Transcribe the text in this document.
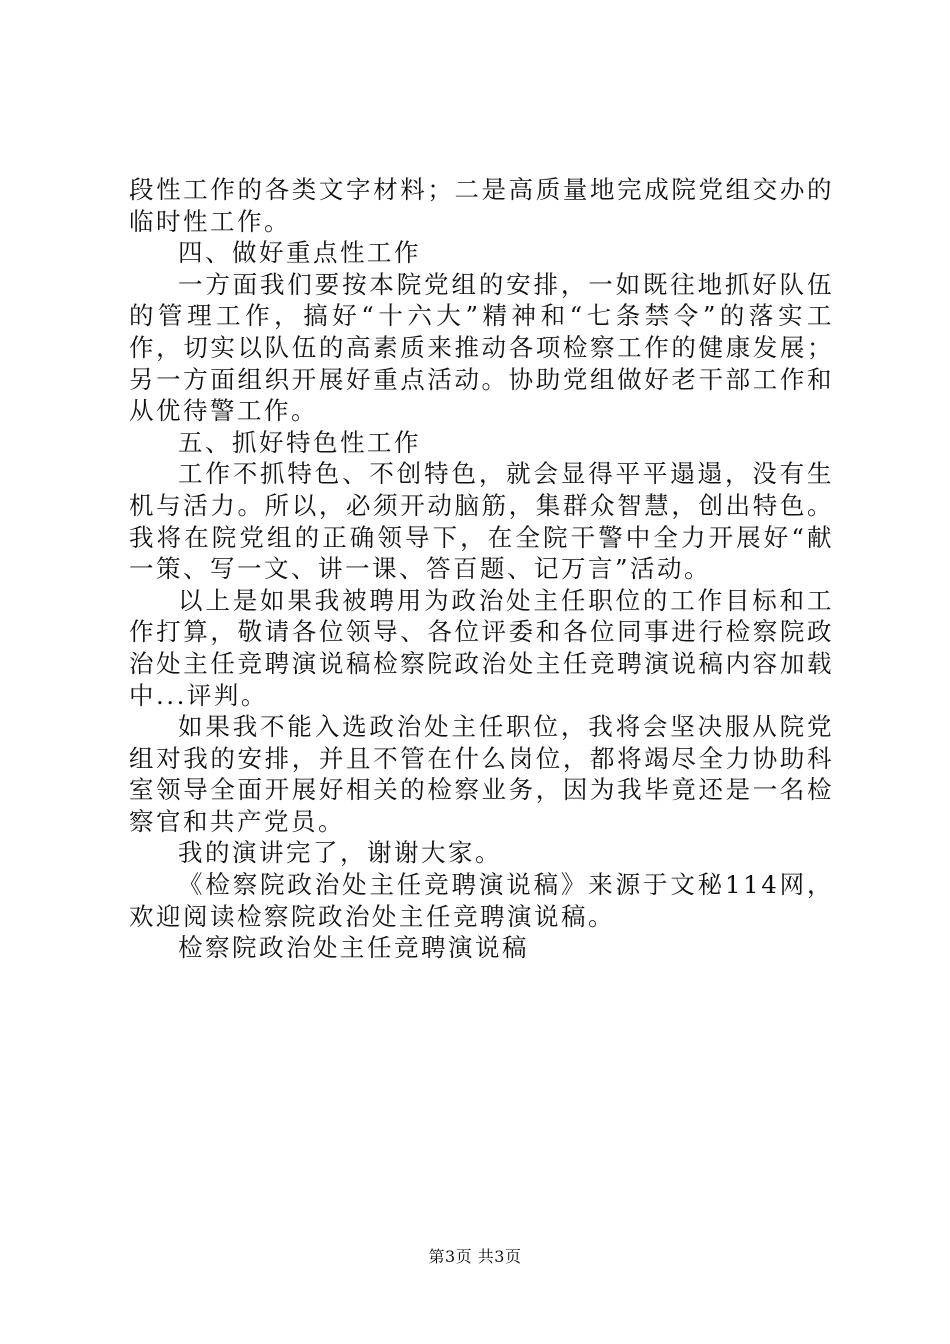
段性工作的各类文字材料；二是高质量地完成院党组交办的临时性工作。

四、做好重点性工作

一方面我们要按本院党组的安排，一如既往地抓好队伍的管理工作，搞好“十六大”精神和“七条禁令”的落实工作，切实以队伍的高素质来推动各项检察工作的健康发展；另一方面组织开展好重点活动。协助党组做好老干部工作和从优待警工作。

五、抓好特色性工作

工作不抓特色、不创特色，就会显得平平遢遢，没有生机与活力。所以，必须开动脑筋，集群众智慧，创出特色。我将在院党组的正确领导下，在全院干警中全力开展好“献一策、写一文、讲一课、答百题、记万言”活动。

以上是如果我被聘用为政治处主任职位的工作目标和工作打算，敬请各位领导、各位评委和各位同事进行检察院政治处主任竞聘演说稿检察院政治处主任竞聘演说稿内容加载中...评判。

如果我不能入选政治处主任职位，我将会坚决服从院党组对我的安排，并且不管在什么岗位，都将竭尽全力协助科室领导全面开展好相关的检察业务，因为我毕竟还是一名检察官和共产党员。

我的演讲完了，谢谢大家。

《检察院政治处主任竞聘演说稿》来源于文秘114网，欢迎阅读检察院政治处主任竞聘演说稿。

检察院政治处主任竞聘演说稿

第3页 共3页
